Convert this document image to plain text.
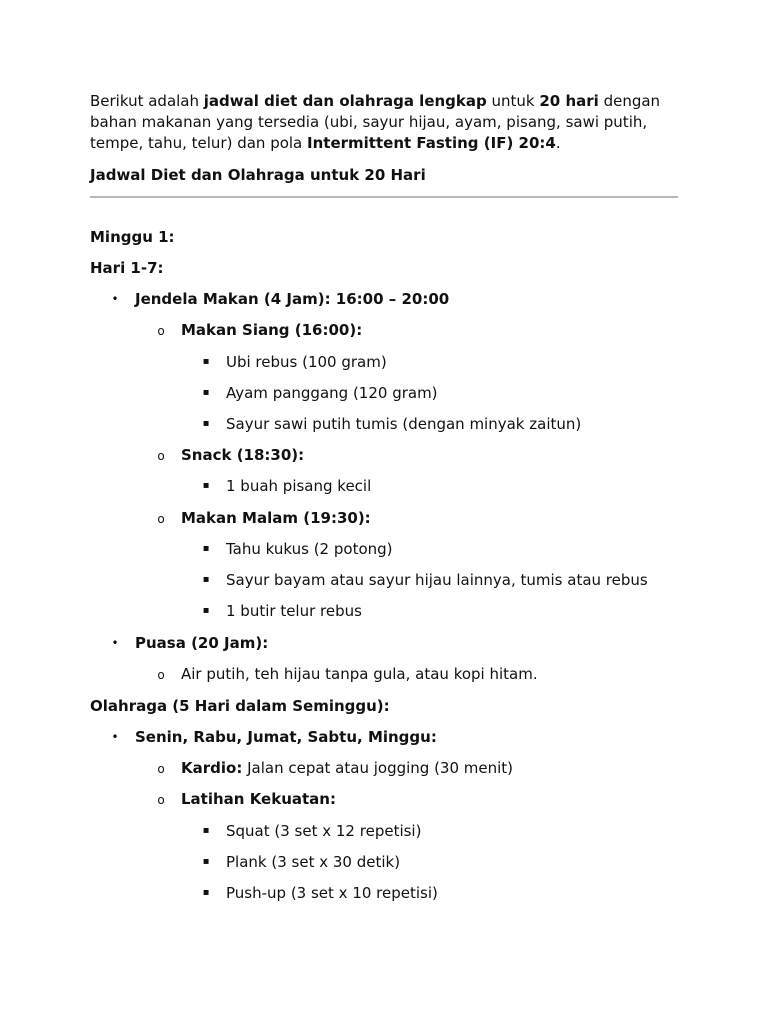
Berikut adalah jadwal diet dan olahraga lengkap untuk 20 hari dengan bahan makanan yang tersedia (ubi, sayur hijau, ayam, pisang, sawi putih, tempe, tahu, telur) dan pola Intermittent Fasting (IF) 20:4.

Jadwal Diet dan Olahraga untuk 20 Hari
Minggu 1:
Hari 1-7:
• Jendela Makan (4 Jam): 16:00 – 20:00
o Makan Siang (16:00):
▪ Ubi rebus (100 gram)
▪ Ayam panggang (120 gram)
▪ Sayur sawi putih tumis (dengan minyak zaitun)
o Snack (18:30):
▪ 1 buah pisang kecil
o Makan Malam (19:30):
▪ Tahu kukus (2 potong)
▪ Sayur bayam atau sayur hijau lainnya, tumis atau rebus
▪ 1 butir telur rebus
• Puasa (20 Jam):
o Air putih, teh hijau tanpa gula, atau kopi hitam.
Olahraga (5 Hari dalam Seminggu):
• Senin, Rabu, Jumat, Sabtu, Minggu:
o Kardio: Jalan cepat atau jogging (30 menit)
o Latihan Kekuatan:
▪ Squat (3 set x 12 repetisi)
▪ Plank (3 set x 30 detik)
▪ Push-up (3 set x 10 repetisi)
